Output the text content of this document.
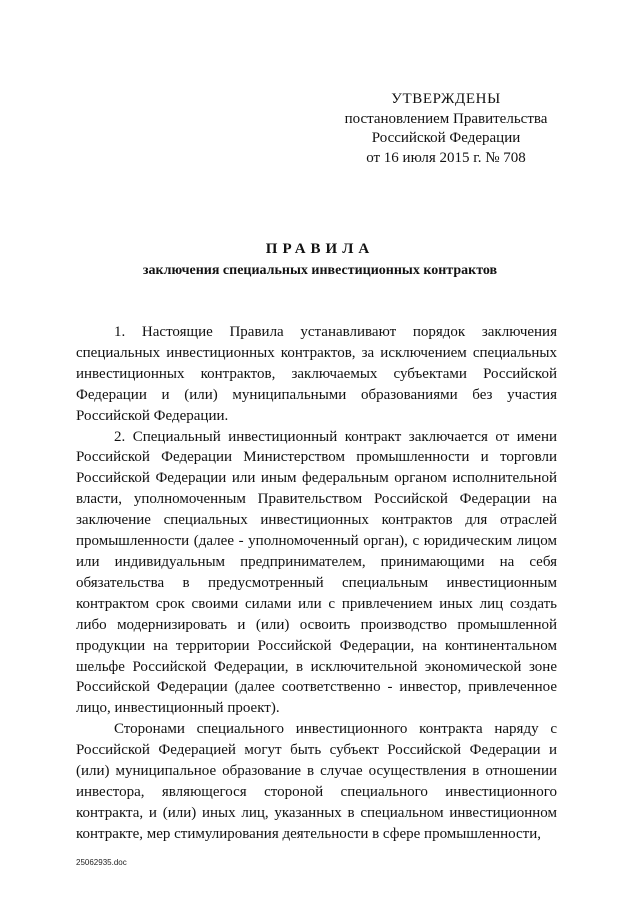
УТВЕРЖДЕНЫ
постановлением Правительства
Российской Федерации
от 16 июля 2015 г. № 708
ПРАВИЛА
заключения специальных инвестиционных контрактов

1. Настоящие Правила устанавливают порядок заключения специальных инвестиционных контрактов, за исключением специальных инвестиционных контрактов, заключаемых субъектами Российской Федерации и (или) муниципальными образованиями без участия Российской Федерации.

2. Специальный инвестиционный контракт заключается от имени Российской Федерации Министерством промышленности и торговли Российской Федерации или иным федеральным органом исполнительной власти, уполномоченным Правительством Российской Федерации на заключение специальных инвестиционных контрактов для отраслей промышленности (далее - уполномоченный орган), с юридическим лицом или индивидуальным предпринимателем, принимающими на себя обязательства в предусмотренный специальным инвестиционным контрактом срок своими силами или с привлечением иных лиц создать либо модернизировать и (или) освоить производство промышленной продукции на территории Российской Федерации, на континентальном шельфе Российской Федерации, в исключительной экономической зоне Российской Федерации (далее соответственно - инвестор, привлеченное лицо, инвестиционный проект).

Сторонами специального инвестиционного контракта наряду с Российской Федерацией могут быть субъект Российской Федерации и (или) муниципальное образование в случае осуществления в отношении инвестора, являющегося стороной специального инвестиционного контракта, и (или) иных лиц, указанных в специальном инвестиционном контракте, мер стимулирования деятельности в сфере промышленности,

25062935.doc
